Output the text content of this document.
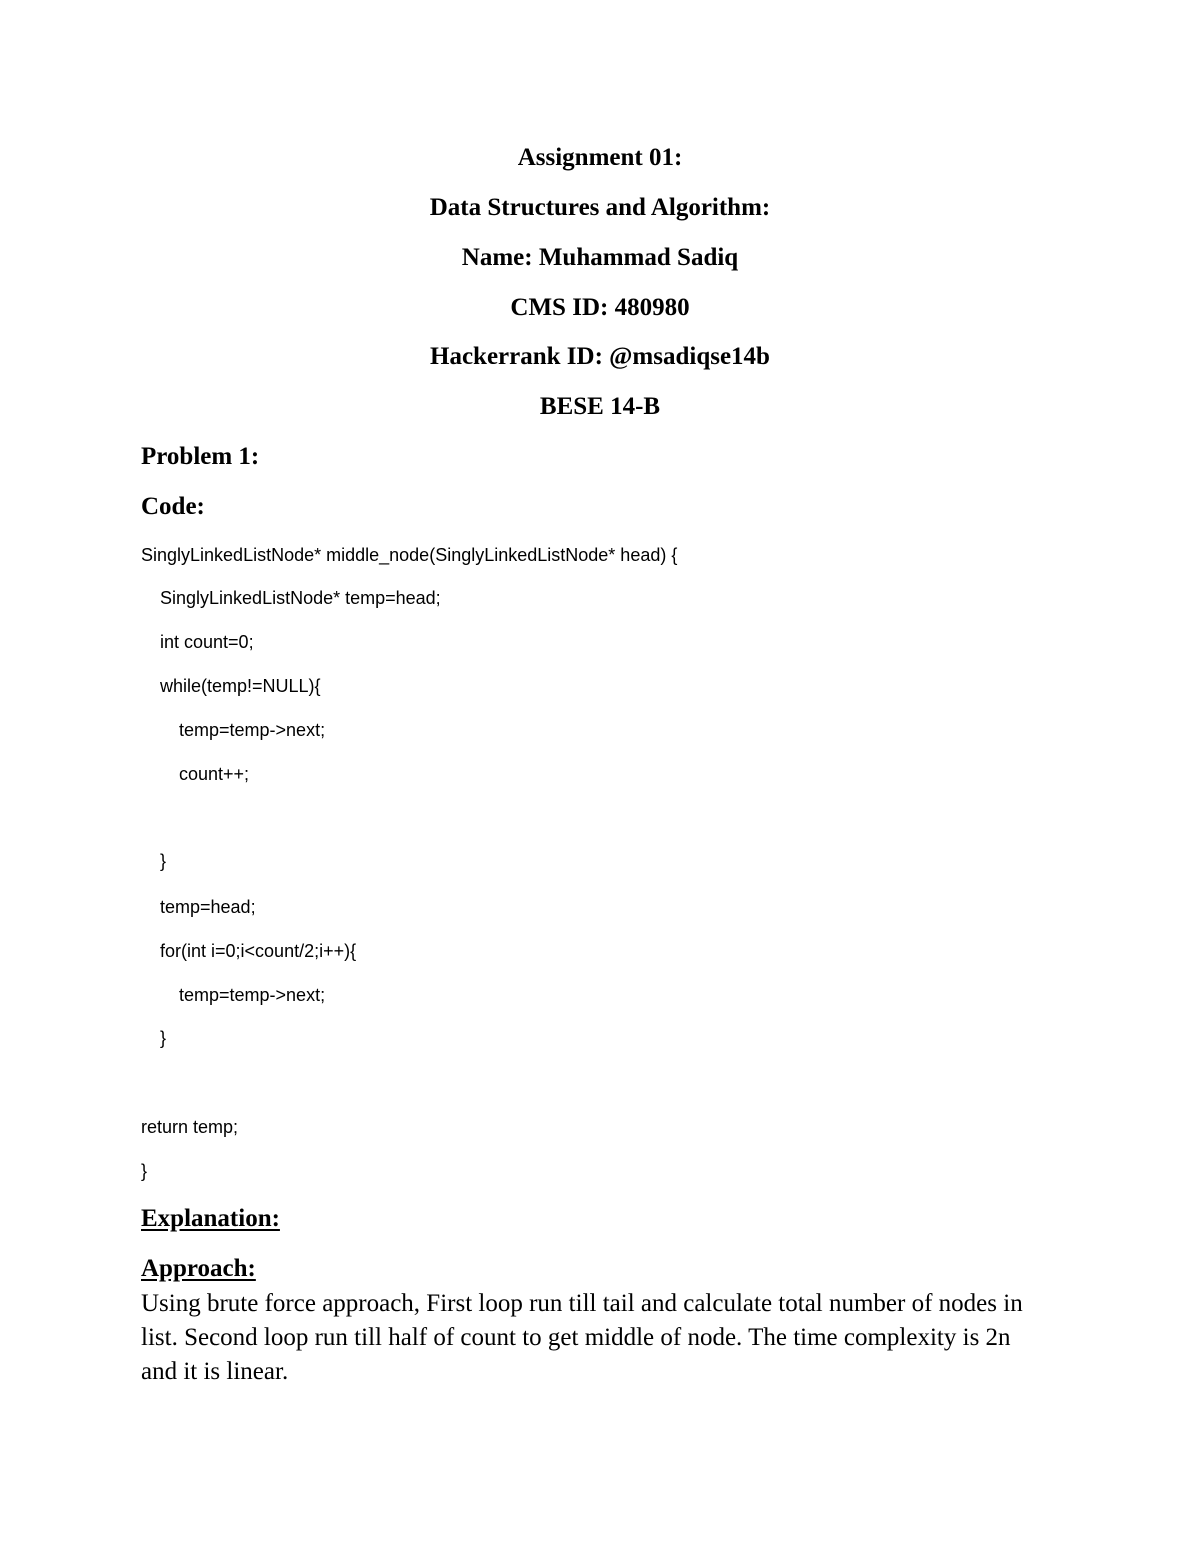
Assignment 01:
Data Structures and Algorithm:
Name: Muhammad Sadiq
CMS ID: 480980
Hackerrank ID: @msadiqse14b
BESE 14-B
Problem 1:
Code:
SinglyLinkedListNode* middle_node(SinglyLinkedListNode* head) {
SinglyLinkedListNode* temp=head;
int count=0;
while(temp!=NULL){
temp=temp->next;
count++;
}
temp=head;
for(int i=0;i<count/2;i++){
temp=temp->next;
}
return temp;
}
Explanation:
Approach:
Using brute force approach, First loop run till tail and calculate total number of nodes in list. Second loop run till half of count to get middle of node. The time complexity is 2n and it is linear.
